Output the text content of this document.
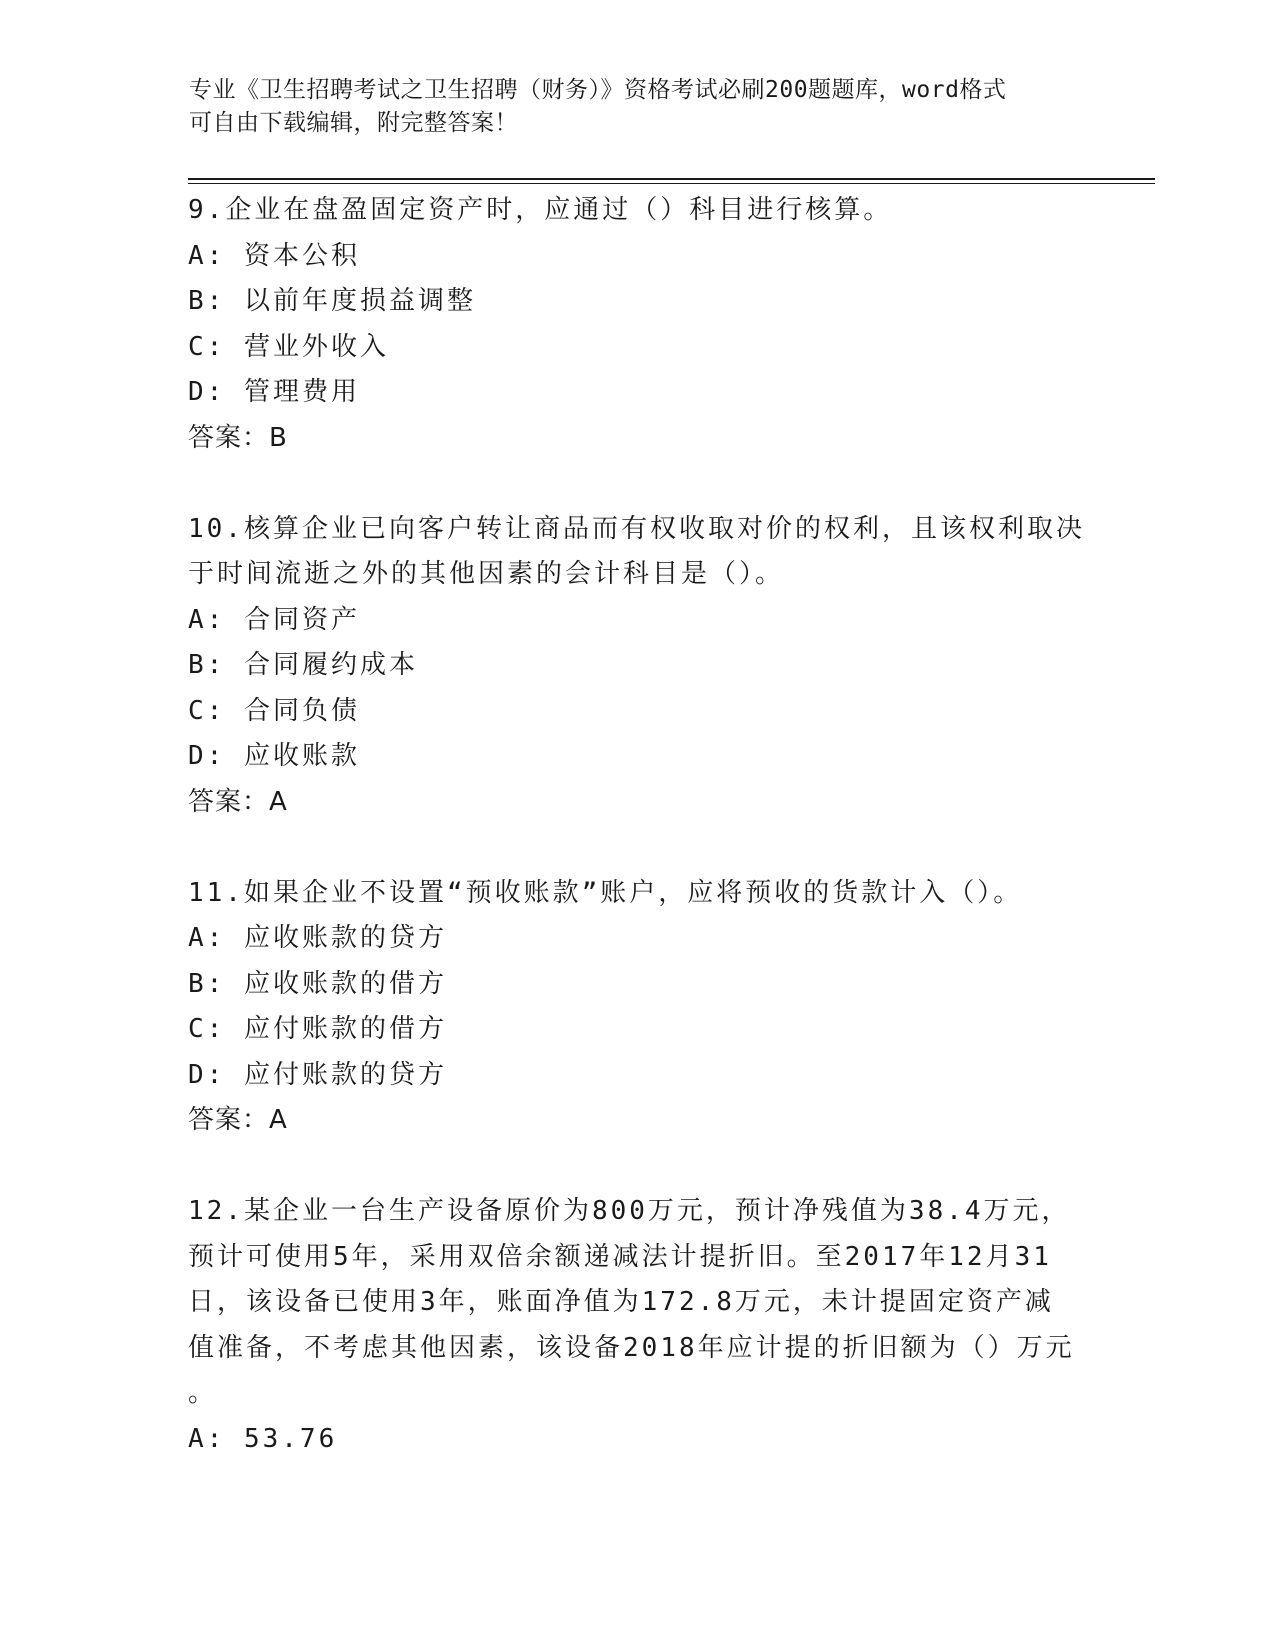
专业《卫生招聘考试之卫生招聘（财务）》资格考试必刷200题题库，word格式
可自由下载编辑，附完整答案！
9.企业在盘盈固定资产时，应通过（）科目进行核算。
A: 资本公积
B: 以前年度损益调整
C: 营业外收入
D: 管理费用
答案：B
10.核算企业已向客户转让商品而有权收取对价的权利，且该权利取决
于时间流逝之外的其他因素的会计科目是（）。
A: 合同资产
B: 合同履约成本
C: 合同负债
D: 应收账款
答案：A
11.如果企业不设置“预收账款”账户，应将预收的货款计入（）。
A: 应收账款的贷方
B: 应收账款的借方
C: 应付账款的借方
D: 应付账款的贷方
答案：A
12.某企业一台生产设备原价为800万元，预计净残值为38.4万元，
预计可使用5年，采用双倍余额递减法计提折旧。至2017年12月31
日，该设备已使用3年，账面净值为172.8万元，未计提固定资产减
值准备，不考虑其他因素，该设备2018年应计提的折旧额为（）万元
。
A: 53.76
